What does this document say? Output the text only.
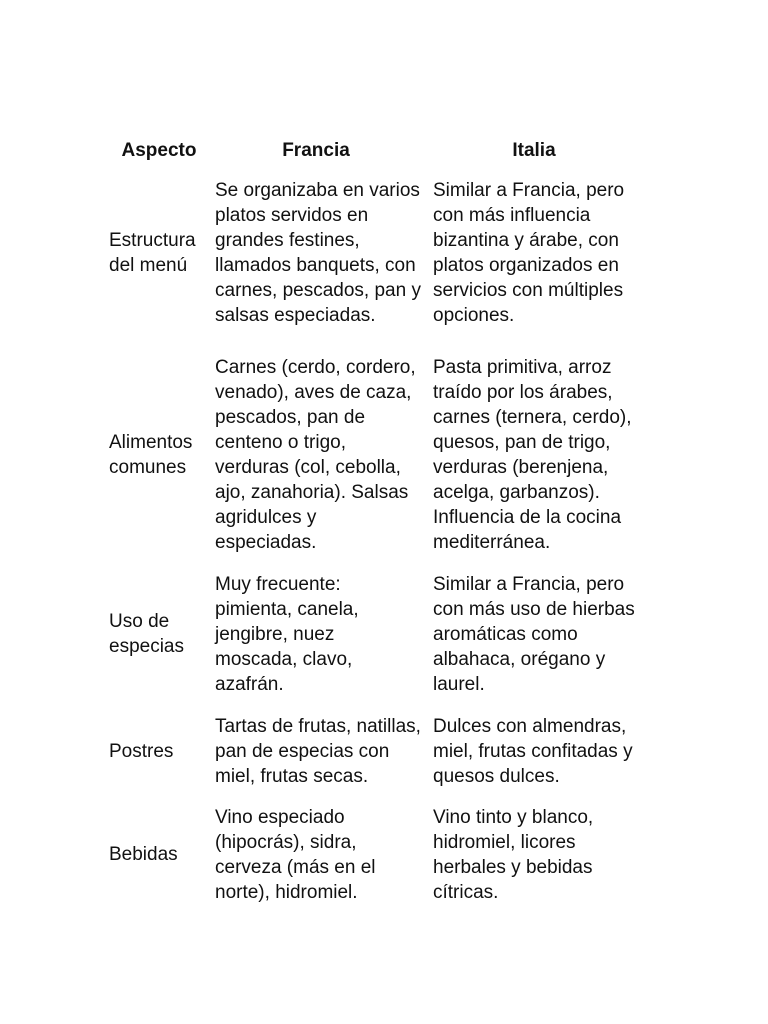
Aspecto	Francia	Italia

Estructura del menú	Se organizaba en varios platos servidos en grandes festines, llamados banquets, con carnes, pescados, pan y salsas especiadas.	Similar a Francia, pero con más influencia bizantina y árabe, con platos organizados en servicios con múltiples opciones.

Alimentos comunes	Carnes (cerdo, cordero, venado), aves de caza, pescados, pan de centeno o trigo, verduras (col, cebolla, ajo, zanahoria). Salsas agridulces y especiadas.	Pasta primitiva, arroz traído por los árabes, carnes (ternera, cerdo), quesos, pan de trigo, verduras (berenjena, acelga, garbanzos). Influencia de la cocina mediterránea.

Uso de especias	Muy frecuente: pimienta, canela, jengibre, nuez moscada, clavo, azafrán.	Similar a Francia, pero con más uso de hierbas aromáticas como albahaca, orégano y laurel.

Postres	Tartas de frutas, natillas, pan de especias con miel, frutas secas.	Dulces con almendras, miel, frutas confitadas y quesos dulces.

Bebidas	Vino especiado (hipocrás), sidra, cerveza (más en el norte), hidromiel.	Vino tinto y blanco, hidromiel, licores herbales y bebidas cítricas.
